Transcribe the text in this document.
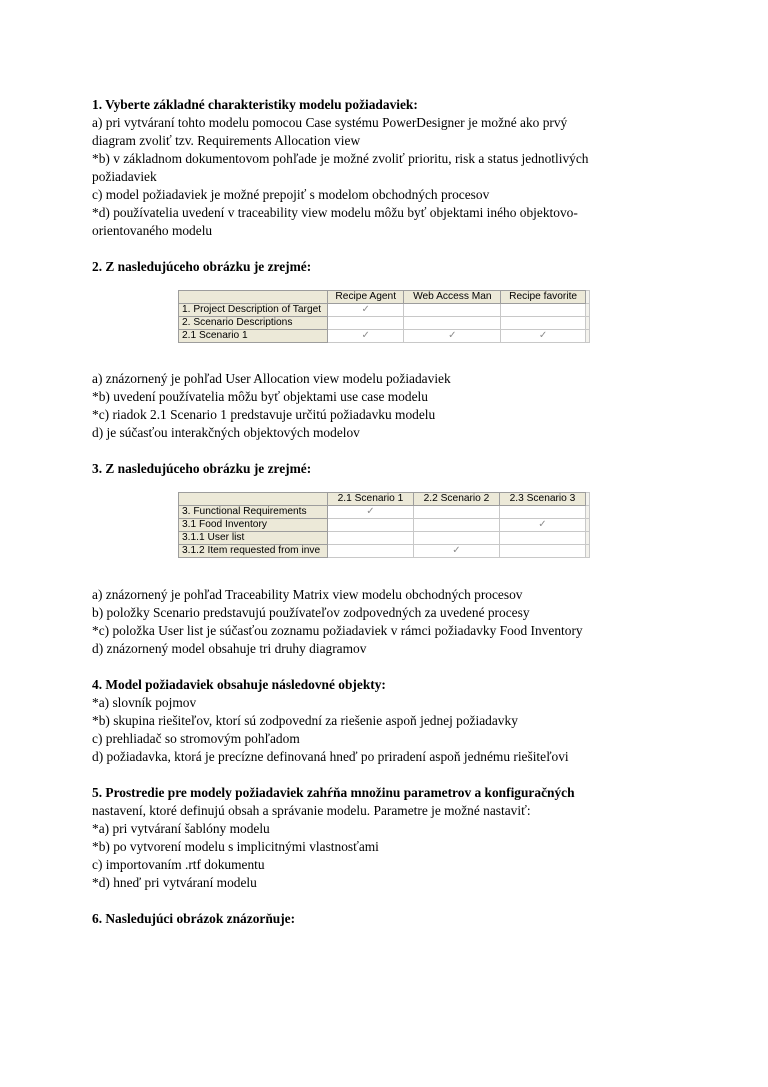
1. Vyberte základné charakteristiky modelu požiadaviek:
a) pri vytváraní tohto modelu pomocou Case systému PowerDesigner je možné ako prvý
diagram zvoliť tzv. Requirements Allocation view
*b) v základnom dokumentovom pohľade je možné zvoliť prioritu, risk a status jednotlivých
požiadaviek
c) model požiadaviek je možné prepojiť s modelom obchodných procesov
*d) používatelia uvedení v traceability view modelu môžu byť objektami iného objektovo-
orientovaného modelu
2. Z nasledujúceho obrázku je zrejmé:
	Recipe Agent	Web Access Man	Recipe favorite	
1. Project Description of Target	✓			
2. Scenario Descriptions				
2.1 Scenario 1	✓	✓	✓	
a) znázornený je pohľad User Allocation view modelu požiadaviek
*b) uvedení používatelia môžu byť objektami use case modelu
*c) riadok 2.1 Scenario 1 predstavuje určitú požiadavku modelu
d) je súčasťou interakčných objektových modelov
3. Z nasledujúceho obrázku je zrejmé:
	2.1 Scenario 1	2.2 Scenario 2	2.3 Scenario 3	
3. Functional Requirements	✓			
3.1 Food Inventory			✓	
3.1.1 User list				
3.1.2 Item requested from inve		✓		
a) znázornený je pohľad Traceability Matrix view modelu obchodných procesov
b) položky Scenario predstavujú používateľov zodpovedných za uvedené procesy
*c) položka User list je súčasťou zoznamu požiadaviek v rámci požiadavky Food Inventory
d) znázornený model obsahuje tri druhy diagramov
4. Model požiadaviek obsahuje následovné objekty:
*a) slovník pojmov
*b) skupina riešiteľov, ktorí sú zodpovední za riešenie aspoň jednej požiadavky
c) prehliadač so stromovým pohľadom
d) požiadavka, ktorá je precízne definovaná hneď po priradení aspoň jednému riešiteľovi
5. Prostredie pre modely požiadaviek zahŕňa množinu parametrov a konfiguračných
nastavení, ktoré definujú obsah a správanie modelu. Parametre je možné nastaviť:
*a) pri vytváraní šablóny modelu
*b) po vytvorení modelu s implicitnými vlastnosťami
c) importovaním .rtf dokumentu
*d) hneď pri vytváraní modelu
6. Nasledujúci obrázok znázorňuje:
